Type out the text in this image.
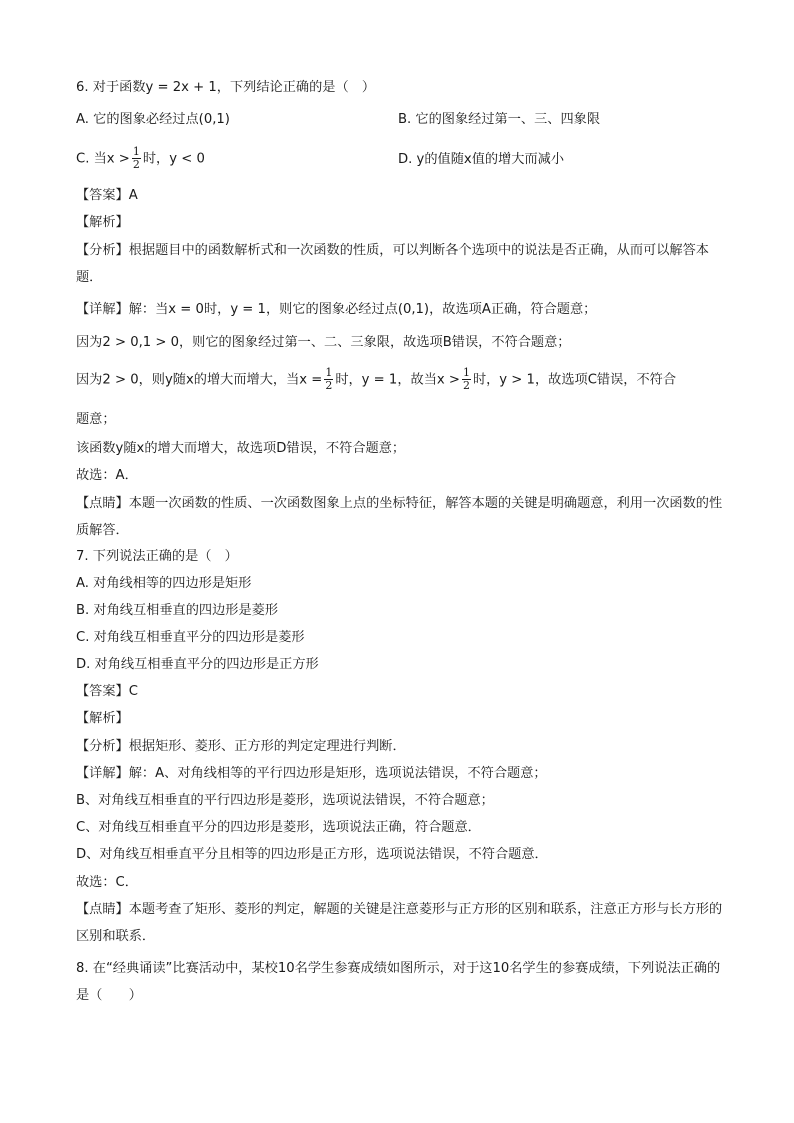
6. 对于函数y = 2x + 1，下列结论正确的是（　）
A. 它的图象必经过点(0,1)	B. 它的图象经过第一、三、四象限
C. 当$x > \frac{1}{2}$ 时，y < 0	D. y的值随x值的增大而减小
【答案】A
【解析】
【分析】根据题目中的函数解析式和一次函数的性质，可以判断各个选项中的说法是否正确，从而可以解答本题．
【详解】解：当x = 0时，y = 1，则它的图象必经过点(0,1)，故选项A正确，符合题意；
因为2 > 0,1 > 0，则它的图象经过第一、二、三象限，故选项B错误，不符合题意；
因为2 > 0，则y随x的增大而增大，当$x = \frac{1}{2}$ 时，y = 1，故当$x > \frac{1}{2}$ 时，y > 1，故选项C错误，不符合
题意；
该函数y随x的增大而增大，故选项D错误，不符合题意；
故选：A．
【点睛】本题一次函数的性质、一次函数图象上点的坐标特征，解答本题的关键是明确题意，利用一次函数的性质解答．
7. 下列说法正确的是（　）
A. 对角线相等的四边形是矩形
B. 对角线互相垂直的四边形是菱形
C. 对角线互相垂直平分的四边形是菱形
D. 对角线互相垂直平分的四边形是正方形
【答案】C
【解析】
【分析】根据矩形、菱形、正方形的判定定理进行判断．
【详解】解：A、对角线相等的平行四边形是矩形，选项说法错误，不符合题意；
B、对角线互相垂直的平行四边形是菱形，选项说法错误，不符合题意；
C、对角线互相垂直平分的四边形是菱形，选项说法正确，符合题意．
D、对角线互相垂直平分且相等的四边形是正方形，选项说法错误，不符合题意．
故选：C．
【点睛】本题考查了矩形、菱形的判定，解题的关键是注意菱形与正方形的区别和联系，注意正方形与长方形的区别和联系．
8. 在“经典诵读”比赛活动中，某校10名学生参赛成绩如图所示，对于这10名学生的参赛成绩，下列说法正确的是（　　）
